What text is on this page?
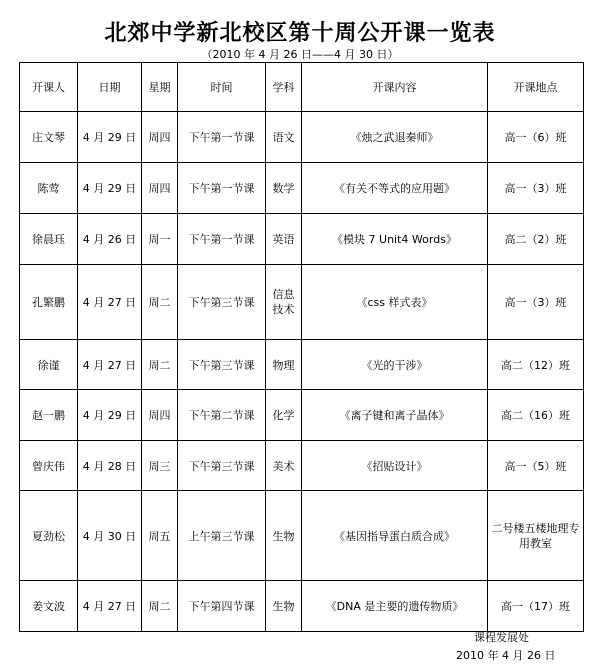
北郊中学新北校区第十周公开课一览表
（2010 年 4 月 26 日——4 月 30 日）
开课人	日期	星期	时间	学科	开课内容	开课地点
庄文琴	4 月 29 日	周四	下午第一节课	语文	《烛之武退秦师》	高一（6）班
陈莺	4 月 29 日	周四	下午第一节课	数学	《有关不等式的应用题》	高一（3）班
徐晨珏	4 月 26 日	周一	下午第一节课	英语	《模块 7 Unit4 Words》	高二（2）班
孔繁鹏	4 月 27 日	周二	下午第三节课	信息技术	《css 样式表》	高一（3）班
徐谨	4 月 27 日	周二	下午第三节课	物理	《光的干涉》	高二（12）班
赵一鹏	4 月 29 日	周四	下午第二节课	化学	《离子键和离子晶体》	高二（16）班
曾庆伟	4 月 28 日	周三	下午第三节课	美术	《招贴设计》	高一（5）班
夏劲松	4 月 30 日	周五	上午第三节课	生物	《基因指导蛋白质合成》	二号楼五楼地理专用教室
姜文波	4 月 27 日	周二	下午第四节课	生物	《DNA 是主要的遗传物质》	高一（17）班
课程发展处
2010 年 4 月 26 日
